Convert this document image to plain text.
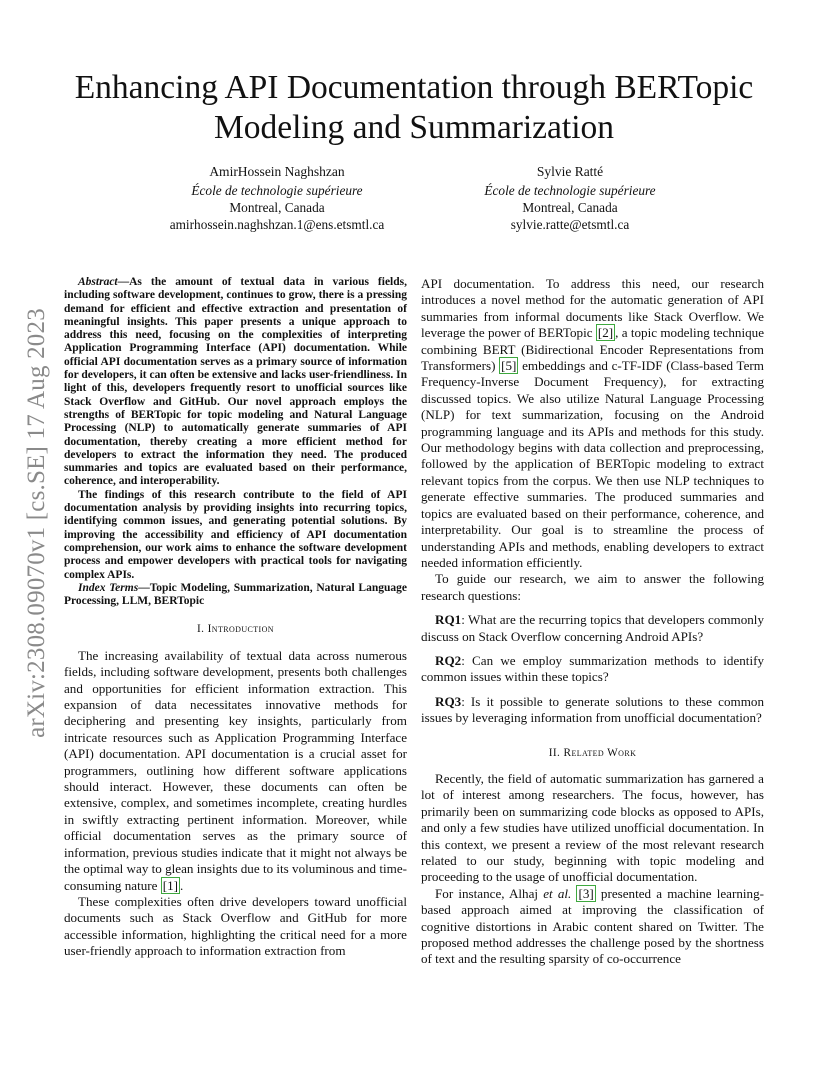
arXiv:2308.09070v1 [cs.SE] 17 Aug 2023
Enhancing API Documentation through BERTopic Modeling and Summarization
AmirHossein Naghshzan
École de technologie supérieure
Montreal, Canada
amirhossein.naghshzan.1@ens.etsmtl.ca
Sylvie Ratté
École de technologie supérieure
Montreal, Canada
sylvie.ratte@etsmtl.ca

Abstract—As the amount of textual data in various fields, including software development, continues to grow, there is a pressing demand for efficient and effective extraction and presentation of meaningful insights. This paper presents a unique approach to address this need, focusing on the complexities of interpreting Application Programming Interface (API) documentation. While official API documentation serves as a primary source of information for developers, it can often be extensive and lacks user-friendliness. In light of this, developers frequently resort to unofficial sources like Stack Overflow and GitHub. Our novel approach employs the strengths of BERTopic for topic modeling and Natural Language Processing (NLP) to automatically generate summaries of API documentation, thereby creating a more efficient method for developers to extract the information they need. The produced summaries and topics are evaluated based on their performance, coherence, and interoperability.

The findings of this research contribute to the field of API documentation analysis by providing insights into recurring topics, identifying common issues, and generating potential solutions. By improving the accessibility and efficiency of API documentation comprehension, our work aims to enhance the software development process and empower developers with practical tools for navigating complex APIs.

Index Terms—Topic Modeling, Summarization, Natural Language Processing, LLM, BERTopic

I. Introduction

The increasing availability of textual data across numerous fields, including software development, presents both challenges and opportunities for efficient information extraction. This expansion of data necessitates innovative methods for deciphering and presenting key insights, particularly from intricate resources such as Application Programming Interface (API) documentation. API documentation is a crucial asset for programmers, outlining how different software applications should interact. However, these documents can often be extensive, complex, and sometimes incomplete, creating hurdles in swiftly extracting pertinent information. Moreover, while official documentation serves as the primary source of information, previous studies indicate that it might not always be the optimal way to glean insights due to its voluminous and time-consuming nature [1] .

These complexities often drive developers toward unofficial documents such as Stack Overflow and GitHub for more accessible information, highlighting the critical need for a more user-friendly approach to information extraction from

API documentation. To address this need, our research introduces a novel method for the automatic generation of API summaries from informal documents like Stack Overflow. We leverage the power of BERTopic [2] , a topic modeling technique combining BERT (Bidirectional Encoder Representations from Transformers) [5] embeddings and c-TF-IDF (Class-based Term Frequency-Inverse Document Frequency), for extracting discussed topics. We also utilize Natural Language Processing (NLP) for text summarization, focusing on the Android programming language and its APIs and methods for this study. Our methodology begins with data collection and preprocessing, followed by the application of BERTopic modeling to extract relevant topics from the corpus. We then use NLP techniques to generate effective summaries. The produced summaries and topics are evaluated based on their performance, coherence, and interpretability. Our goal is to streamline the process of understanding APIs and methods, enabling developers to extract needed information efficiently.

To guide our research, we aim to answer the following research questions:

RQ1: What are the recurring topics that developers commonly discuss on Stack Overflow concerning Android APIs?

RQ2: Can we employ summarization methods to identify common issues within these topics?

RQ3: Is it possible to generate solutions to these common issues by leveraging information from unofficial documentation?

II. Related Work

Recently, the field of automatic summarization has garnered a lot of interest among researchers. The focus, however, has primarily been on summarizing code blocks as opposed to APIs, and only a few studies have utilized unofficial documentation. In this context, we present a review of the most relevant research related to our study, beginning with topic modeling and proceeding to the usage of unofficial documentation.

For instance, Alhaj et al. [3] presented a machine learning-based approach aimed at improving the classification of cognitive distortions in Arabic content shared on Twitter. The proposed method addresses the challenge posed by the shortness of text and the resulting sparsity of co-occurrence
